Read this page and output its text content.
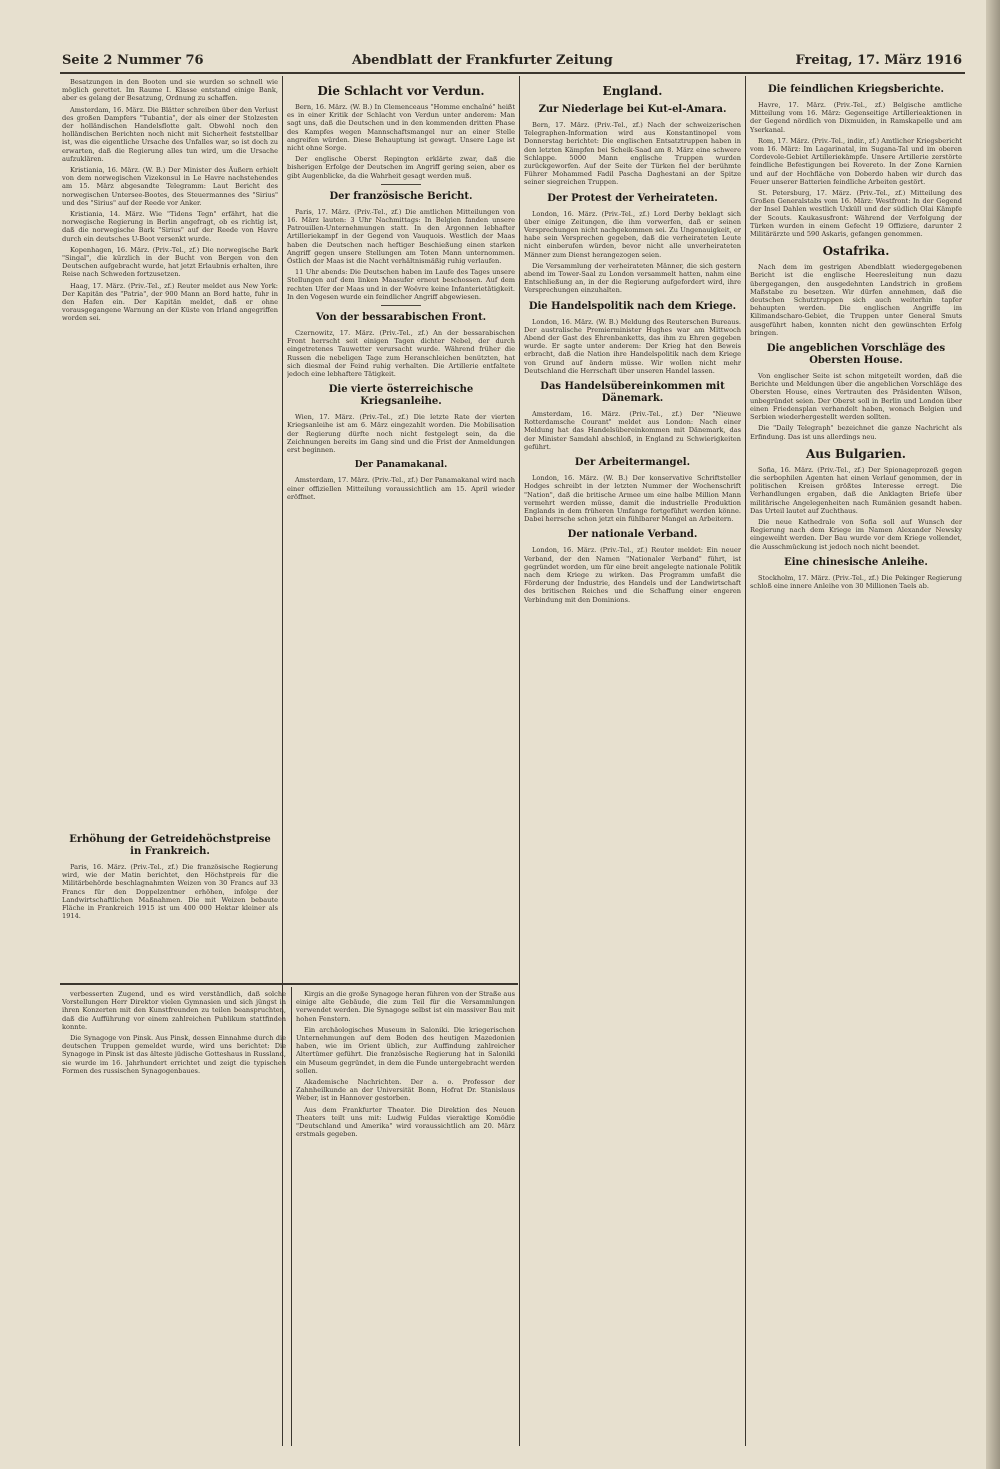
Seite 2 Nummer 76	Abendblatt der Frankfurter Zeitung	Freitag, 17. März 1916

Besatzungen in den Booten und sie wurden so schnell wie möglich gerettet. Im Raume I. Klasse entstand einige Bank, aber es gelang der Besatzung, Ordnung zu schaffen.

Amsterdam, 16. März. Die Blätter schreiben über den Verlust des großen Dampfers "Tubantia", der als einer der Stolzesten der holländischen Handelsflotte galt. Obwohl noch den holländischen Berichten noch nicht mit Sicherheit feststellbar ist, was die eigentliche Ursache des Unfalles war, so ist doch zu erwarten, daß die Regierung alles tun wird, um die Ursache aufzuklären.

Kristiania, 16. März. (W. B.) Der Minister des Äußern erhielt von dem norwegischen Vizekonsul in Le Havre nachstehendes am 15. März abgesandte Telegramm: Laut Bericht des norwegischen Untersee-Bootes, des Steuermannes des "Sirius" und des "Sirius" auf der Reede vor Anker.

Kristiania, 14. März. Wie "Tidens Tegn" erfährt, hat die norwegische Regierung in Berlin angefragt, ob es richtig ist, daß die norwegische Bark "Sirius" auf der Reede von Havre durch ein deutsches U-Boot versenkt wurde.

Kopenhagen, 16. März. (Priv.-Tel., zf.) Die norwegische Bark "Singal", die kürzlich in der Bucht von Bergen von den Deutschen aufgebracht wurde, hat jetzt Erlaubnis erhalten, ihre Reise nach Schweden fortzusetzen.

Haag, 17. März. (Priv.-Tel., zf.) Reuter meldet aus New York: Der Kapitän des "Patria", der 900 Mann an Bord hatte, fuhr in den Hafen ein. Der Kapitän meldet, daß er ohne vorausgegangene Warnung an der Küste von Irland angegriffen worden sei.

Erhöhung der Getreidehöchstpreise in Frankreich.

Paris, 16. März. (Priv.-Tel., zf.) Die französische Regierung wird, wie der Matin berichtet, den Höchstpreis für die Militärbehörde beschlagnahmten Weizen von 30 Francs auf 33 Francs für den Doppelzentner erhöhen, infolge der Landwirtschaftlichen Maßnahmen. Die mit Weizen bebaute Fläche in Frankreich 1915 ist um 400 000 Hektar kleiner als 1914.

Die Schlacht vor Verdun.

Bern, 16. März. (W. B.) In Clemenceaus "Homme enchaîné" heißt es in einer Kritik der Schlacht von Verdun unter anderem: Man sagt uns, daß die Deutschen und in den kommenden dritten Phase des Kampfes wegen Mannschaftsmangel nur an einer Stelle angreifen würden. Diese Behauptung ist gewagt. Unsere Lage ist nicht ohne Sorge.

Der englische Oberst Repington erklärte zwar, daß die bisherigen Erfolge der Deutschen im Angriff gering seien, aber es gibt Augenblicke, da die Wahrheit gesagt werden muß.

Der französische Bericht.

Paris, 17. März. (Priv.-Tel., zf.) Die amtlichen Mitteilungen von 16. März lauten: 3 Uhr Nachmittags: In Belgien fanden unsere Patrouillen-Unternehmungen statt. In den Argonnen lebhafter Artilleriekampf in der Gegend von Vauquois. Westlich der Maas haben die Deutschen nach heftiger Beschießung einen starken Angriff gegen unsere Stellungen am Toten Mann unternommen. Östlich der Maas ist die Nacht verhältnismäßig ruhig verlaufen.

11 Uhr abends: Die Deutschen haben im Laufe des Tages unsere Stellungen auf dem linken Maasufer erneut beschossen. Auf dem rechten Ufer der Maas und in der Woëvre keine Infanterietätigkeit. In den Vogesen wurde ein feindlicher Angriff abgewiesen.

Von der bessarabischen Front.

Czernowitz, 17. März. (Priv.-Tel., zf.) An der bessarabischen Front herrscht seit einigen Tagen dichter Nebel, der durch eingetretenes Tauwetter verursacht wurde. Während früher die Russen die nebeligen Tage zum Heranschleichen benützten, hat sich diesmal der Feind ruhig verhalten. Die Artillerie entfaltete jedoch eine lebhaftere Tätigkeit.

Die vierte österreichische Kriegsanleihe.

Wien, 17. März. (Priv.-Tel., zf.) Die letzte Rate der vierten Kriegsanleihe ist am 6. März eingezahlt worden. Die Mobilisation der Regierung dürfte noch nicht festgelegt sein, da die Zeichnungen bereits im Gang sind und die Frist der Anmeldungen erst beginnen.

Der Panamakanal.

Amsterdam, 17. März. (Priv.-Tel., zf.) Der Panamakanal wird nach einer offiziellen Mitteilung voraussichtlich am 15. April wieder eröffnet.

England.
Zur Niederlage bei Kut-el-Amara.

Bern, 17. März. (Priv.-Tel., zf.) Nach der schweizerischen Telegraphen-Information wird aus Konstantinopel vom Donnerstag berichtet: Die englischen Entsatztruppen haben in den letzten Kämpfen bei Scheik-Saad am 8. März eine schwere Schlappe. 5000 Mann englische Truppen wurden zurückgeworfen. Auf der Seite der Türken fiel der berühmte Führer Mohammed Fadil Pascha Daghestani an der Spitze seiner siegreichen Truppen.

Der Protest der Verheirateten.

London, 16. März. (Priv.-Tel., zf.) Lord Derby beklagt sich über einige Zeitungen, die ihm vorwerfen, daß er seinen Versprechungen nicht nachgekommen sei. Zu Ungenauigkeit, er habe sein Versprechen gegeben, daß die verheirateten Leute nicht einberufen würden, bevor nicht alle unverheirateten Männer zum Dienst herangezogen seien.

Die Versammlung der verheirateten Männer, die sich gestern abend im Tower-Saal zu London versammelt hatten, nahm eine Entschließung an, in der die Regierung aufgefordert wird, ihre Versprechungen einzuhalten.

Die Handelspolitik nach dem Kriege.

London, 16. März. (W. B.) Meldung des Reuterschen Bureaus. Der australische Premierminister Hughes war am Mittwoch Abend der Gast des Ehrenbanketts, das ihm zu Ehren gegeben wurde. Er sagte unter anderem: Der Krieg hat den Beweis erbracht, daß die Nation ihre Handelspolitik nach dem Kriege von Grund auf ändern müsse. Wir wollen nicht mehr Deutschland die Herrschaft über unseren Handel lassen.

Das Handelsübereinkommen mit Dänemark.

Amsterdam, 16. März. (Priv.-Tel., zf.) Der "Nieuwe Rotterdamsche Courant" meldet aus London: Nach einer Meldung hat das Handelsübereinkommen mit Dänemark, das der Minister Samdahl abschloß, in England zu Schwierigkeiten geführt.

Der Arbeitermangel.

London, 16. März. (W. B.) Der konservative Schriftsteller Hodges schreibt in der letzten Nummer der Wochenschrift "Nation", daß die britische Armee um eine halbe Million Mann vermehrt werden müsse, damit die industrielle Produktion Englands in dem früheren Umfange fortgeführt werden könne. Dabei herrsche schon jetzt ein fühlbarer Mangel an Arbeitern.

Der nationale Verband.

London, 16. März. (Priv.-Tel., zf.) Reuter meldet: Ein neuer Verband, der den Namen "Nationaler Verband" führt, ist gegründet worden, um für eine breit angelegte nationale Politik nach dem Kriege zu wirken. Das Programm umfaßt die Förderung der Industrie, des Handels und der Landwirtschaft des britischen Reiches und die Schaffung einer engeren Verbindung mit den Dominions.

Die feindlichen Kriegsberichte.

Havre, 17. März. (Priv.-Tel., zf.) Belgische amtliche Mitteilung vom 16. März: Gegenseitige Artillerieaktionen in der Gegend nördlich von Dixmuiden, in Ramskapelle und am Yserkanal.

Rom, 17. März. (Priv.-Tel., indir., zf.) Amtlicher Kriegsbericht vom 16. März: Im Lagarinatal, im Sugana-Tal und im oberen Cordevole-Gebiet Artilleriekämpfe. Unsere Artillerie zerstörte feindliche Befestigungen bei Rovereto. In der Zone Karnien und auf der Hochfläche von Doberdo haben wir durch das Feuer unserer Batterien feindliche Arbeiten gestört.

St. Petersburg, 17. März. (Priv.-Tel., zf.) Mitteilung des Großen Generalstabs vom 16. März: Westfront: In der Gegend der Insel Dahlen westlich Uxküll und der südlich Olai Kämpfe der Scouts. Kaukasusfront: Während der Verfolgung der Türken wurden in einem Gefecht 19 Offiziere, darunter 2 Militärärzte und 590 Askaris, gefangen genommen.

Ostafrika.

Nach dem im gestrigen Abendblatt wiedergegebenen Bericht ist die englische Heeresleitung nun dazu übergegangen, den ausgedehnten Landstrich in großem Maßstabe zu besetzen. Wir dürfen annehmen, daß die deutschen Schutztruppen sich auch weiterhin tapfer behaupten werden. Die englischen Angriffe im Kilimandscharo-Gebiet, die Truppen unter General Smuts ausgeführt haben, konnten nicht den gewünschten Erfolg bringen.

Die angeblichen Vorschläge des Obersten House.

Von englischer Seite ist schon mitgeteilt worden, daß die Berichte und Meldungen über die angeblichen Vorschläge des Obersten House, eines Vertrauten des Präsidenten Wilson, unbegründet seien. Der Oberst soll in Berlin und London über einen Friedensplan verhandelt haben, wonach Belgien und Serbien wiederhergestellt werden sollten.

Die "Daily Telegraph" bezeichnet die ganze Nachricht als Erfindung. Das ist uns allerdings neu.

Aus Bulgarien.

Sofia, 16. März. (Priv.-Tel., zf.) Der Spionageprozeß gegen die serbophilen Agenten hat einen Verlauf genommen, der in politischen Kreisen größtes Interesse erregt. Die Verhandlungen ergaben, daß die Anklagten Briefe über militärische Angelegenheiten nach Rumänien gesandt haben. Das Urteil lautet auf Zuchthaus.

Die neue Kathedrale von Sofia soll auf Wunsch der Regierung nach dem Kriege im Namen Alexander Newsky eingeweiht werden. Der Bau wurde vor dem Kriege vollendet, die Ausschmückung ist jedoch noch nicht beendet.

Eine chinesische Anleihe.

Stockholm, 17. März. (Priv.-Tel., zf.) Die Pekinger Regierung schloß eine innere Anleihe von 30 Millionen Taels ab.

verbesserten Zugend, und es wird verständlich, daß solche Vorstellungen Herr Direktor vielen Gymnasien und sich jüngst in ihren Konzerten mit den Kunstfreunden zu teilen beanspruchten, daß die Aufführung vor einem zahlreichen Publikum stattfinden konnte.

Die Synagoge von Pinsk. Aus Pinsk, dessen Einnahme durch die deutschen Truppen gemeldet wurde, wird uns berichtet: Die Synagoge in Pinsk ist das älteste jüdische Gotteshaus in Russland, sie wurde im 16. Jahrhundert errichtet und zeigt die typischen Formen des russischen Synagogenbaues.

Kirgis an die große Synagoge heran führen von der Straße aus einige alte Gebäude, die zum Teil für die Versammlungen verwendet werden. Die Synagoge selbst ist ein massiver Bau mit hohen Fenstern.

Ein archäologisches Museum in Saloniki. Die kriegerischen Unternehmungen auf dem Boden des heutigen Mazedonien haben, wie im Orient üblich, zur Auffindung zahlreicher Altertümer geführt. Die französische Regierung hat in Saloniki ein Museum gegründet, in dem die Funde untergebracht werden sollen.

Akademische Nachrichten. Der a. o. Professor der Zahnheilkunde an der Universität Bonn, Hofrat Dr. Stanislaus Weber, ist in Hannover gestorben.

Aus dem Frankfurter Theater. Die Direktion des Neuen Theaters teilt uns mit: Ludwig Fuldas vieraktige Komödie "Deutschland und Amerika" wird voraussichtlich am 20. März erstmals gegeben.
